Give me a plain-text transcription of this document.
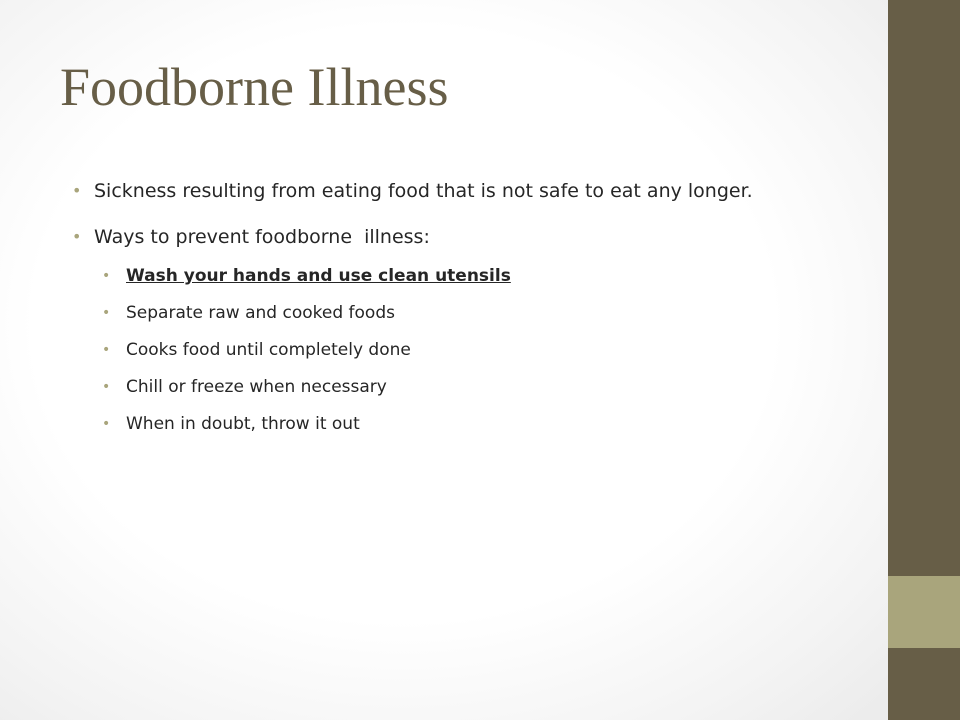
Foodborne Illness
• Sickness resulting from eating food that is not safe to eat any longer.
• Ways to prevent foodborne  illness:
• Wash your hands and use clean utensils
• Separate raw and cooked foods
• Cooks food until completely done
• Chill or freeze when necessary
• When in doubt, throw it out
